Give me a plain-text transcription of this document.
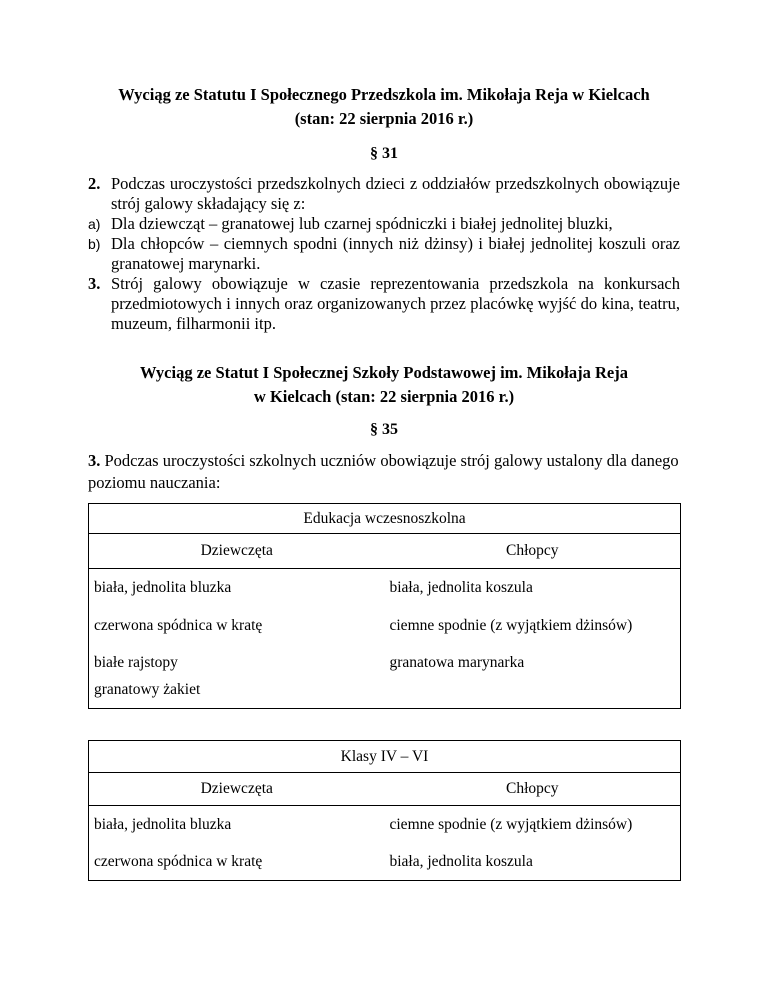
Wyciąg ze Statutu I Społecznego Przedszkola im. Mikołaja Reja w Kielcach
(stan: 22 sierpnia 2016 r.)
§ 31
2. Podczas uroczystości przedszkolnych dzieci z oddziałów przedszkolnych obowiązuje strój galowy składający się z:
a) Dla dziewcząt – granatowej lub czarnej spódniczki i białej jednolitej bluzki,
b) Dla chłopców – ciemnych spodni (innych niż dżinsy) i białej jednolitej koszuli oraz granatowej marynarki.
3. Strój galowy obowiązuje w czasie reprezentowania przedszkola na konkursach przedmiotowych i innych oraz organizowanych przez placówkę wyjść do kina, teatru, muzeum, filharmonii itp.
Wyciąg ze Statut I Społecznej Szkoły Podstawowej im. Mikołaja Reja
w Kielcach (stan: 22 sierpnia 2016 r.)
§ 35

3. Podczas uroczystości szkolnych uczniów obowiązuje strój galowy ustalony dla danego poziomu nauczania:

Edukacja wczesnoszkolna	
Dziewczęta	Chłopcy
biała, jednolita bluzka	biała, jednolita koszula
czerwona spódnica w kratę	ciemne spodnie (z wyjątkiem dżinsów)
białe rajstopy	granatowa marynarka
granatowy żakiet	
Klasy IV – VI	
Dziewczęta	Chłopcy
biała, jednolita bluzka	ciemne spodnie (z wyjątkiem dżinsów)
czerwona spódnica w kratę	biała, jednolita koszula
